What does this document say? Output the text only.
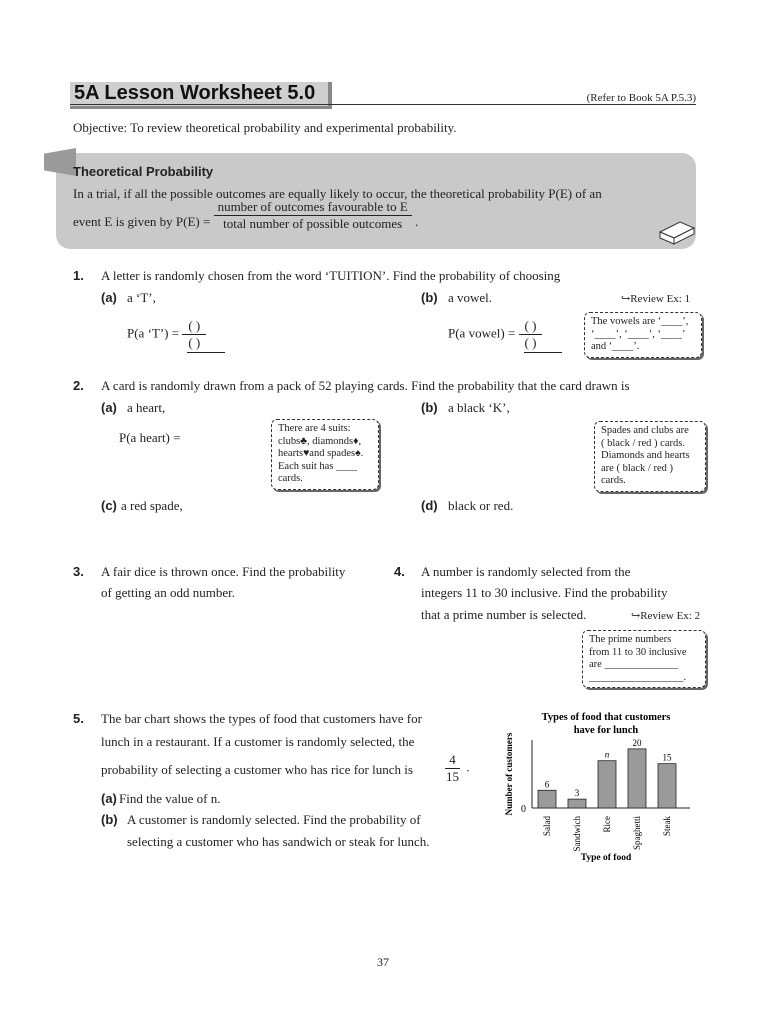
5A Lesson Worksheet 5.0	(Refer to Book 5A P.5.3)
Objective: To review theoretical probability and experimental probability.
Theoretical Probability
In a trial, if all the possible outcomes are equally likely to occur, the theoretical probability P(E) of an
event E is given by $P(E) = \frac{\text{number of outcomes favourable to E}}{\text{total number of possible outcomes}}$ .
1. A letter is randomly chosen from the word ‘TUITION’. Find the probability of choosing
(a) a ‘T’,
P(a ‘T’) = $\frac{( )}{( )}$
(b) a vowel.	↪Review Ex: 1
P(a vowel) = $\frac{( )}{( )}$	The vowels are ‘____’,
‘____’, ‘____’, ‘____’
and ‘____’.
2. A card is randomly drawn from a pack of 52 playing cards. Find the probability that the card drawn is
(a) a heart,
P(a heart) =
There are 4 suits:
clubs♣, diamonds♦,
hearts♥and spades♠.
Each suit has ____
cards.
(b) a black ‘K’,
Spades and clubs are
( black / red ) cards.
Diamonds and hearts
are ( black / red )
cards.
(c) a red spade,	(d) black or red.
3. A fair dice is thrown once. Find the probability
of getting an odd number.
4. A number is randomly selected from the
integers 11 to 30 inclusive. Find the probability
that a prime number is selected.	↪Review Ex: 2
The prime numbers
from 11 to 30 inclusive
are ______________
__________________.
5. The bar chart shows the types of food that customers have for
lunch in a restaurant. If a customer is randomly selected, the
probability of selecting a customer who has rice for lunch is $\frac{4}{15}$ .
(a) Find the value of n.
(b) A customer is randomly selected. Find the probability of
selecting a customer who has sandwich or steak for lunch.
Types of food that customers
have for lunch
Number of customers
Type of food
0
6
Salad
3
Sandwich
n
Rice
20
Spaghetti
15
Steak
37
